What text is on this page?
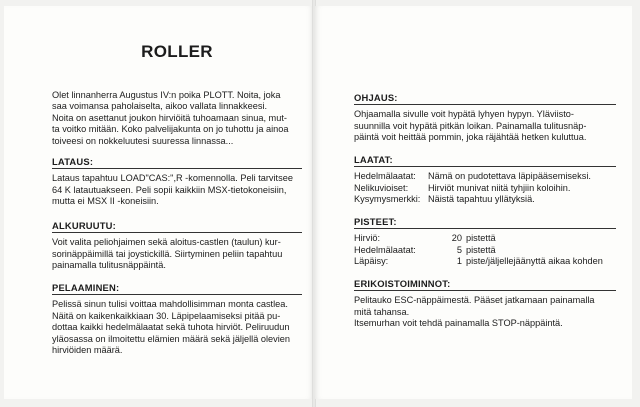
ROLLER

Olet linnanherra Augustus IV:n poika PLOTT. Noita, joka

saa voimansa paholaiselta, aikoo vallata linnakkeesi.

Noita on asettanut joukon hirviöitä tuhoamaan sinua, mut-

ta voitko mitään. Koko palvelijakunta on jo tuhottu ja ainoa

toiveesi on nokkeluutesi suuressa linnassa...

LATAUS:

Lataus tapahtuu LOAD"CAS:",R -komennolla. Peli tarvitsee

64 K latautuakseen. Peli sopii kaikkiin MSX-tietokoneisiin,

mutta ei MSX II -koneisiin.

ALKURUUTU:

Voit valita peliohjaimen sekä aloitus-castlen (taulun) kur-

sorinäppäimillä tai joystickillä. Siirtyminen peliin tapahtuu

painamalla tulitusnäppäintä.

PELAAMINEN:

Pelissä sinun tulisi voittaa mahdollisimman monta castlea.

Näitä on kaikenkaikkiaan 30. Läpipelaamiseksi pitää pu-

dottaa kaikki hedelmälaatat sekä tuhota hirviöt. Peliruudun

yläosassa on ilmoitettu elämien määrä sekä jäljellä olevien

hirviöiden määrä.

OHJAUS:

Ohjaamalla sivulle voit hypätä lyhyen hypyn. Yläviisto-

suunnilla voit hypätä pitkän loikan. Painamalla tulitusnäp-

päintä voit heittää pommin, joka räjähtää hetken kuluttua.

LAATAT:
Hedelmälaatat:	Nämä on pudotettava läpipääsemiseksi.
Nelikuvioiset:	Hirviöt munivat niitä tyhjiin koloihin.
Kysymysmerkki: Näistä tapahtuu yllätyksiä.
PISTEET:
Hirviö:	20 pistettä
Hedelmälaatat:	5 pistettä
Läpäisy:	1 piste/jäljellejäänyttä aikaa kohden
ERIKOISTOIMINNOT:

Pelitauko ESC-näppäimestä. Pääset jatkamaan painamalla

mitä tahansa.

Itsemurhan voit tehdä painamalla STOP-näppäintä.
